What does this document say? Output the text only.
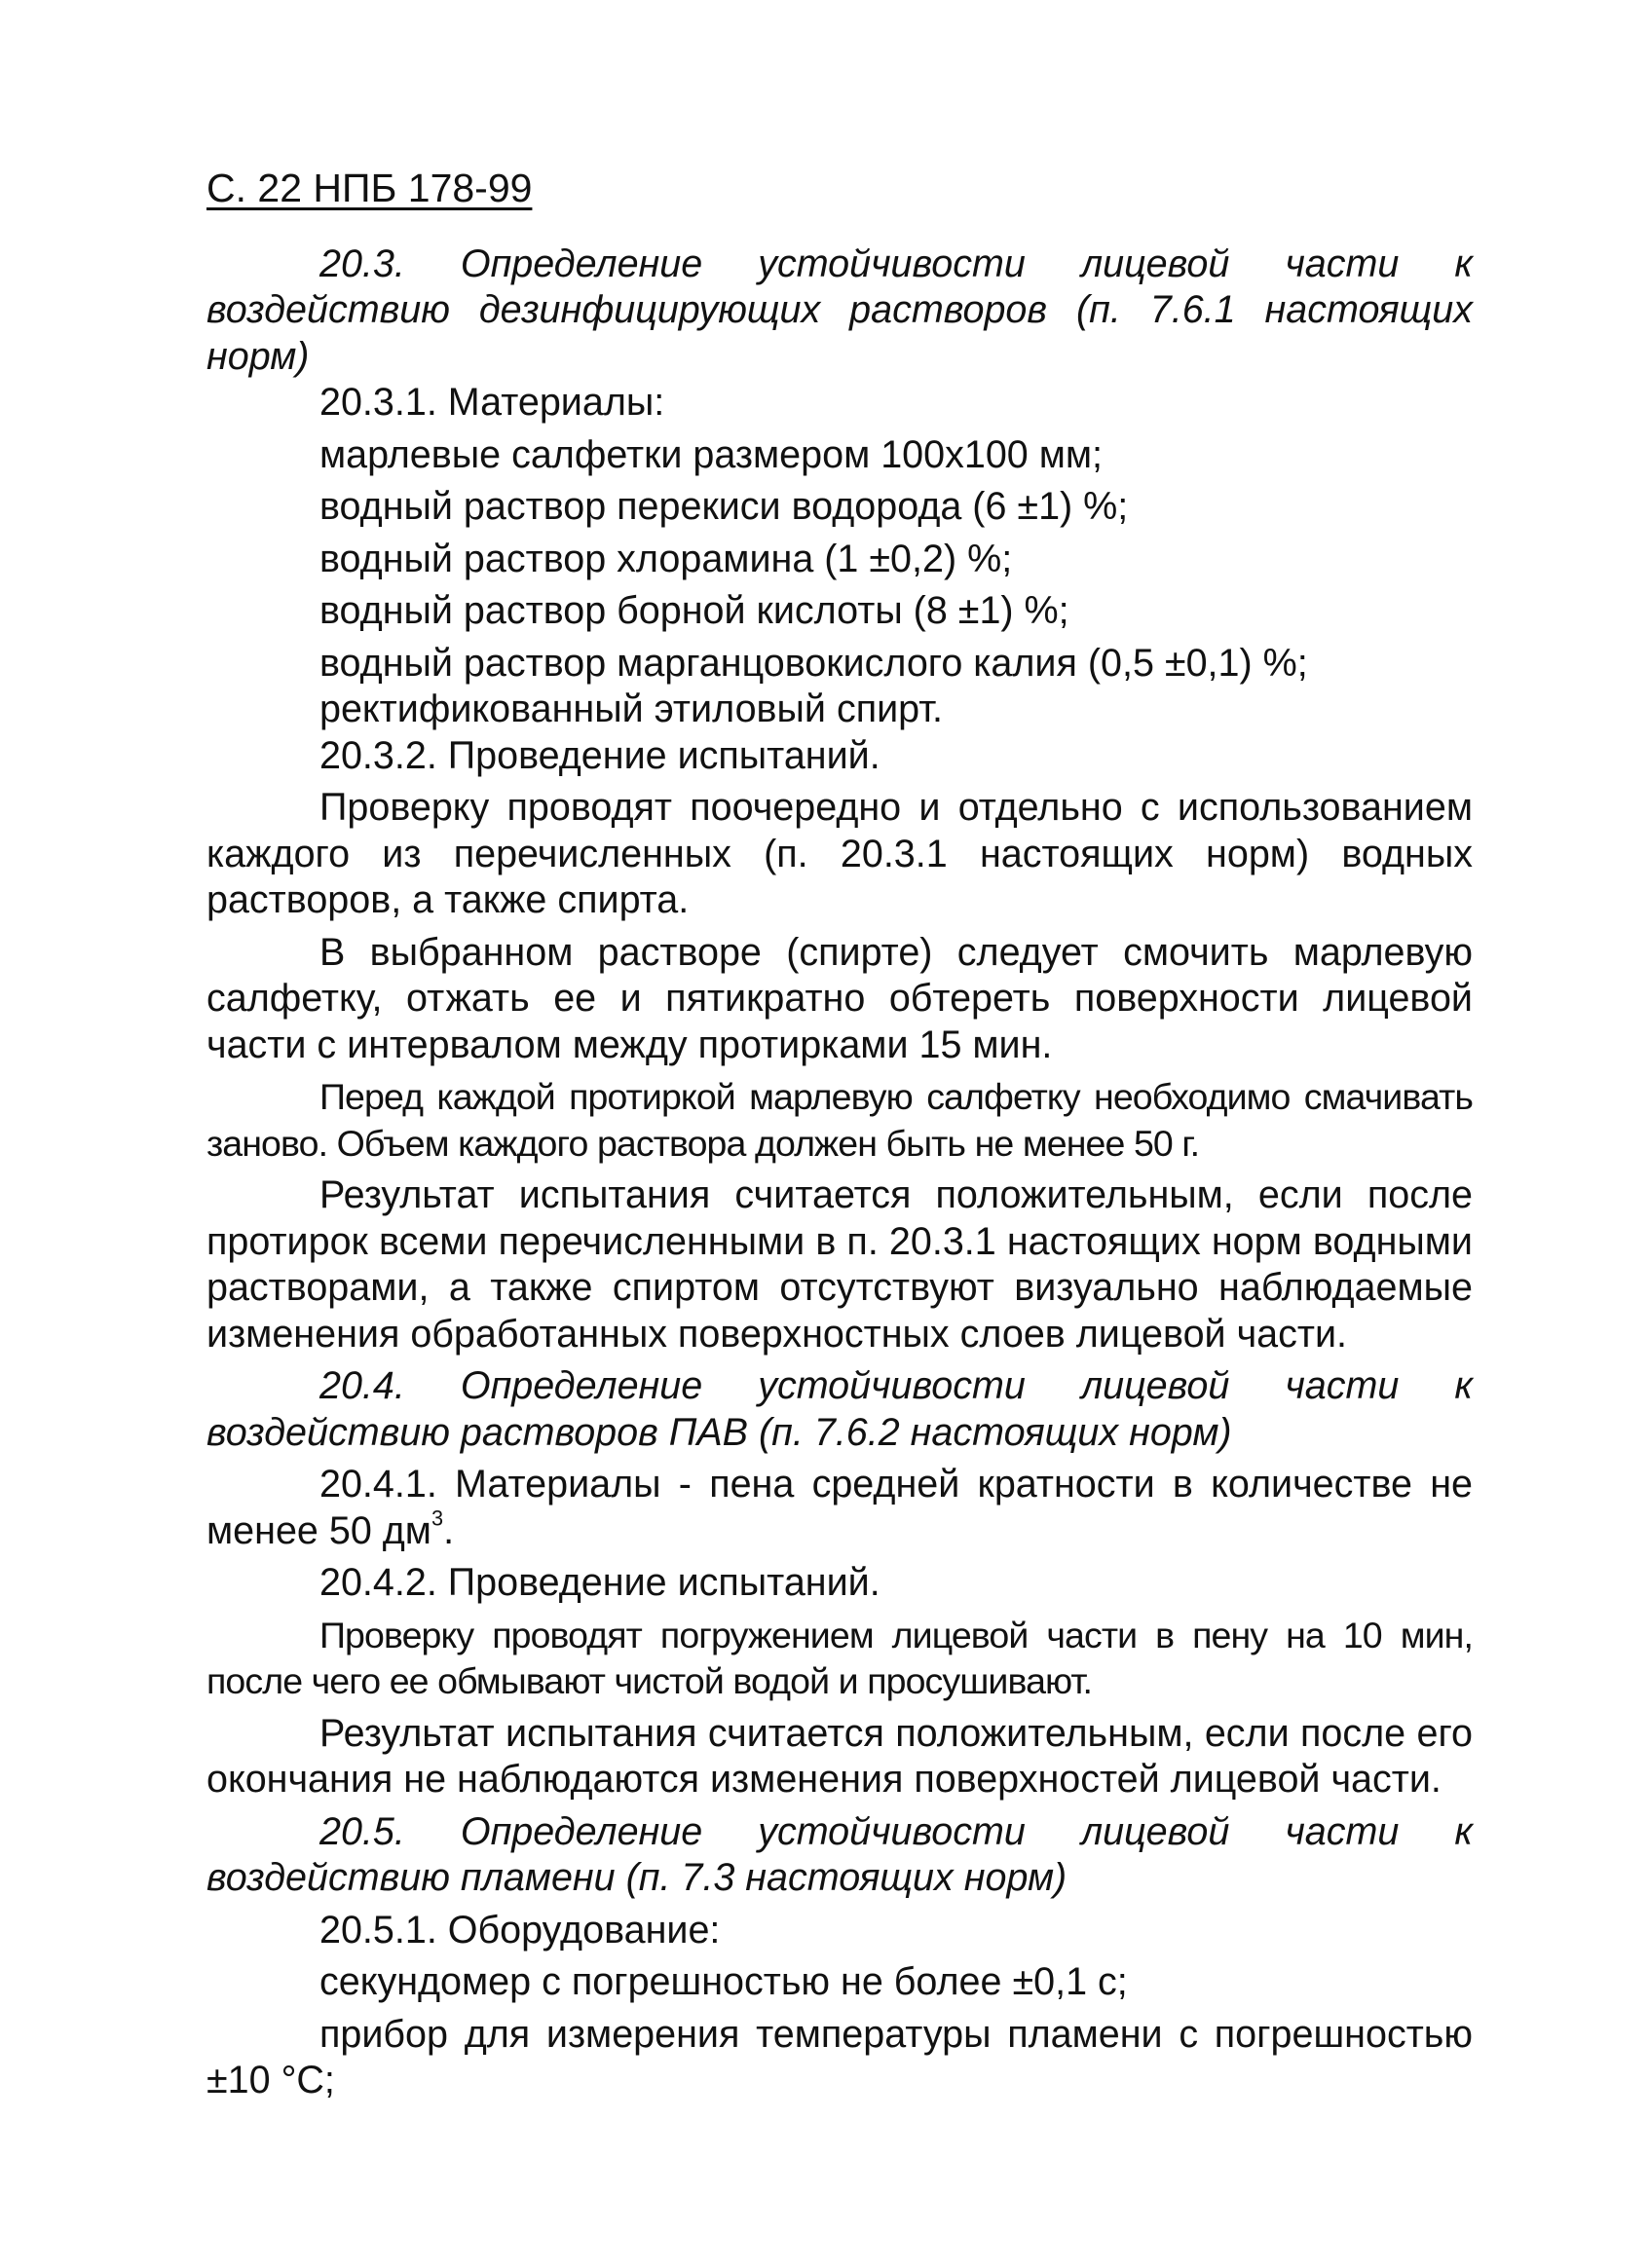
С. 22 НПБ 178-99

20.3. Определение устойчивости лицевой части к воздействию дезинфицирующих растворов (п. 7.6.1 настоящих норм)

20.3.1. Материалы:
марлевые салфетки размером 100x100 мм;
водный раствор перекиси водорода (6 ±1) %;
водный раствор хлорамина (1 ±0,2) %;
водный раствор борной кислоты (8 ±1) %;
водный раствор марганцовокислого калия (0,5 ±0,1) %;
ректификованный этиловый спирт.
20.3.2. Проведение испытаний.

Проверку проводят поочередно и отдельно с использованием каждого из перечисленных (п. 20.3.1 настоящих норм) водных растворов, а также спирта.

В выбранном растворе (спирте) следует смочить марлевую салфетку, отжать ее и пятикратно обтереть поверхности лицевой части с интервалом между протирками 15 мин.

Перед каждой протиркой марлевую салфетку необходимо смачивать заново. Объем каждого раствора должен быть не менее 50 г.

Результат испытания считается положительным, если после протирок всеми перечисленными в п. 20.3.1 настоящих норм водными растворами, а также спиртом отсутствуют визуально наблюдаемые изменения обработанных поверхностных слоев лицевой части.

20.4. Определение устойчивости лицевой части к воздействию растворов ПАВ (п. 7.6.2 настоящих норм)

20.4.1. Материалы - пена средней кратности в количестве не менее 50 $дм^3$.

20.4.2. Проведение испытаний.

Проверку проводят погружением лицевой части в пену на 10 мин, после чего ее обмывают чистой водой и просушивают.

Результат испытания считается положительным, если после его окончания не наблюдаются изменения поверхностей лицевой части.

20.5. Определение устойчивости лицевой части к воздействию пламени (п. 7.3 настоящих норм)

20.5.1. Оборудование:
секундомер с погрешностью не более ±0,1 с;

прибор для измерения температуры пламени с погрешностью ±10 °С;
